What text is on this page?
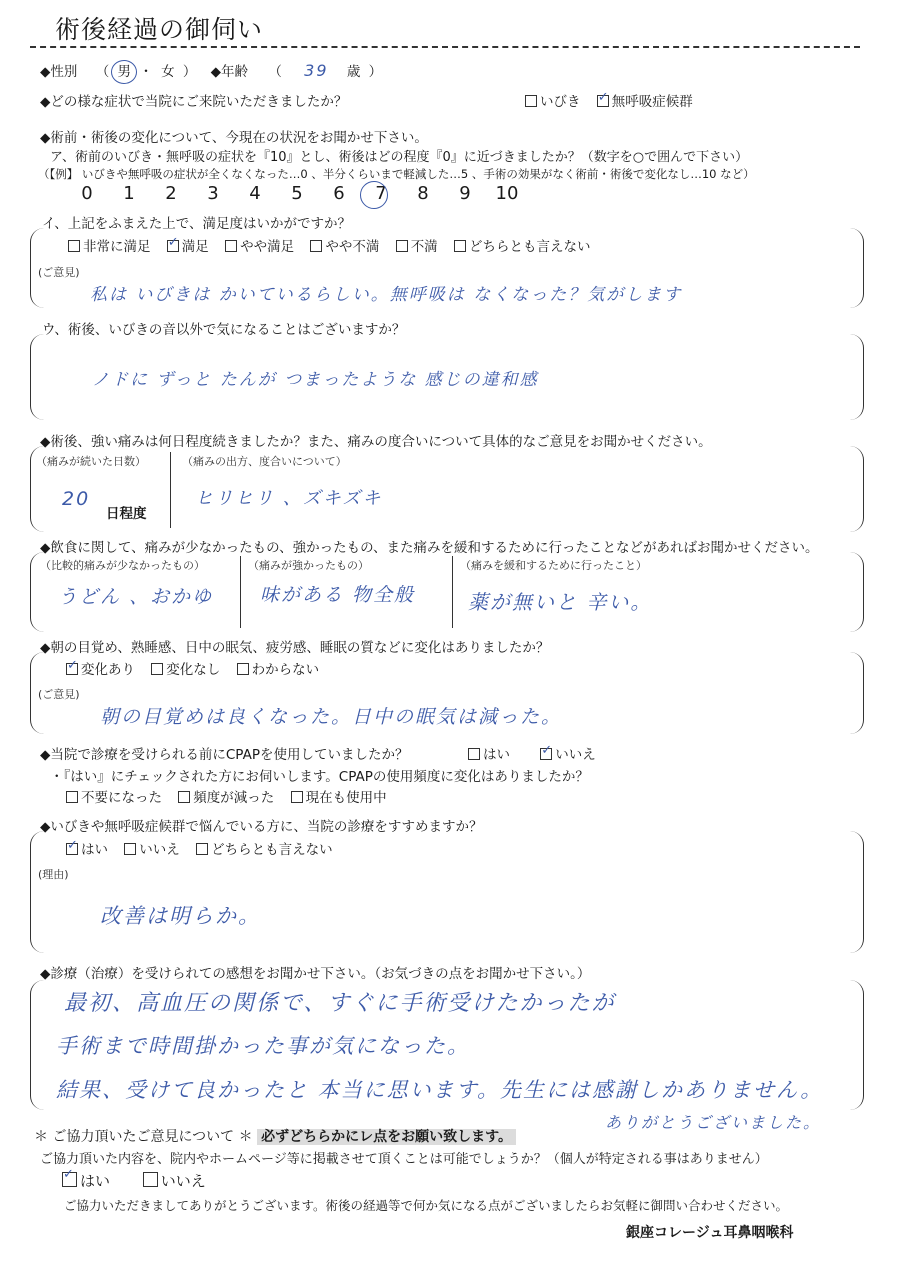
術後経過の御伺い
◆性別 （ 男 ・ 女 ） ◆年齢 （ 39 歳 ）
◆どの様な症状で当院にご来院いただきましたか？	いびき ✓ 無呼吸症候群
◆術前・術後の変化について、今現在の状況をお聞かせ下さい。
ア、術前のいびき・無呼吸の症状を『10』とし、術後はどの程度『0』に近づきましたか？（数字を○で囲んで下さい）
（【例】 いびきや無呼吸の症状が全くなくなった…0 、半分くらいまで軽減した…5 、手術の効果がなく術前・術後で変化なし…10 など）
0 1 2 3 4 5 6 7 8 9 10
イ、上記をふまえた上で、満足度はいかがですか？
非常に満足 ✓ 満足 やや満足 やや不満 不満 どちらとも言えない
(ご意見)
私は いびきは かいているらしい。無呼吸は なくなった？気がします
ウ、術後、いびきの音以外で気になることはございますか？
ノドに ずっと たんが つまったような 感じの違和感
◆術後、強い痛みは何日程度続きましたか？また、痛みの度合いについて具体的なご意見をお聞かせください。
（痛みが続いた日数）
20
日程度
（痛みの出方、度合いについて）
ヒリヒリ 、ズキズキ
◆飲食に関して、痛みが少なかったもの、強かったもの、また痛みを緩和するために行ったことなどがあればお聞かせください。
（比較的痛みが少なかったもの）
うどん 、おかゆ
（痛みが強かったもの）
味がある 物全般
（痛みを緩和するために行ったこと）
薬が無いと 辛い。
◆朝の目覚め、熟睡感、日中の眠気、疲労感、睡眠の質などに変化はありましたか？
✓変化あり 変化なし わからない
(ご意見)
朝の目覚めは良くなった。日中の眠気は減った。
◆当院で診療を受けられる前にCPAPを使用していましたか？	はい ✓	いいえ
・『はい』にチェックされた方にお伺いします。CPAPの使用頻度に変化はありましたか？
不要になった 頻度が減った 現在も使用中
◆いびきや無呼吸症候群で悩んでいる方に、当院の診療をすすめますか？
✓はい いいえ どちらとも言えない
(理由)
改善は明らか。
◆診療（治療）を受けられての感想をお聞かせ下さい。（お気づきの点をお聞かせ下さい。）
最初、高血圧の関係で、すぐに手術受けたかったが
手術まで時間掛かった事が気になった。
結果、受けて良かったと 本当に思います。先生には感謝しかありません。
ありがとうございました。
＊ ご協力頂いたご意見について ＊ 必ずどちらかにレ点をお願い致します。
ご協力頂いた内容を、院内やホームページ等に掲載させて頂くことは可能でしょうか？（個人が特定される事はありません）
✓はい	いいえ
ご協力いただきましてありがとうございます。術後の経過等で何か気になる点がございましたらお気軽に御問い合わせください。
銀座コレージュ耳鼻咽喉科
